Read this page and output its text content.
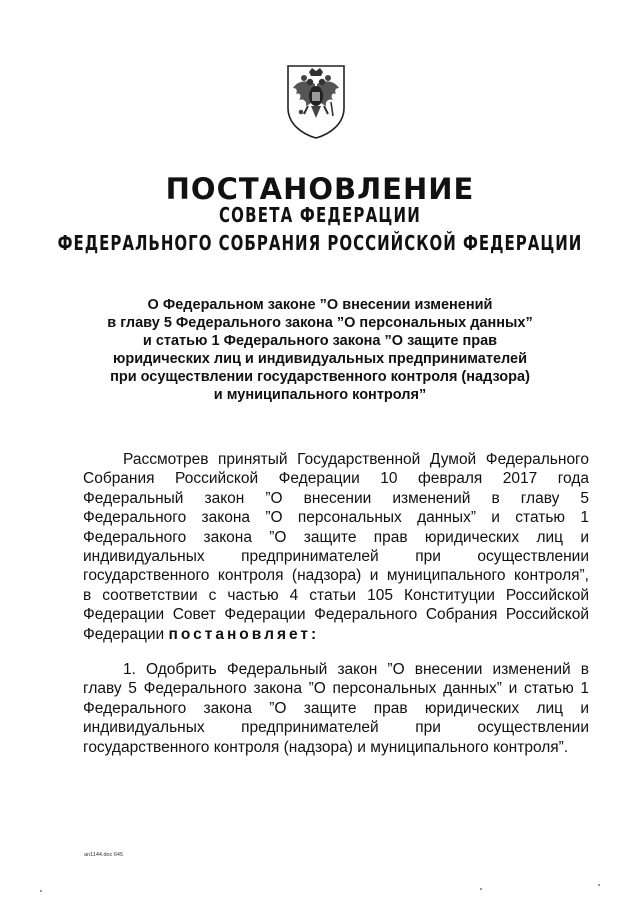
ПОСТАНОВЛЕНИЕ
СОВЕТА ФЕДЕРАЦИИ
ФЕДЕРАЛЬНОГО СОБРАНИЯ РОССИЙСКОЙ ФЕДЕРАЦИИ
О Федеральном законе ”О внесении изменений
в главу 5 Федерального закона ”О персональных данных”
и статью 1 Федерального закона ”О защите прав
юридических лиц и индивидуальных предпринимателей
при осуществлении государственного контроля (надзора)
и муниципального контроля”
Рассмотрев принятый Государственной Думой Федерального
Собрания Российской Федерации 10 февраля 2017 года
Федеральный закон ”О внесении изменений в главу 5
Федерального закона ”О персональных данных” и статью 1
Федерального закона ”О защите прав юридических лиц и
индивидуальных предпринимателей при осуществлении
государственного контроля (надзора) и муниципального контроля”,
в соответствии с частью 4 статьи 105 Конституции Российской
Федерации Совет Федерации Федерального Собрания Российской
Федерации постановляет:
1. Одобрить Федеральный закон ”О внесении изменений в
главу 5 Федерального закона ”О персональных данных” и статью 1
Федерального закона ”О защите прав юридических лиц и
индивидуальных предпринимателей при осуществлении
государственного контроля (надзора) и муниципального контроля”.
an1144.doc 645
